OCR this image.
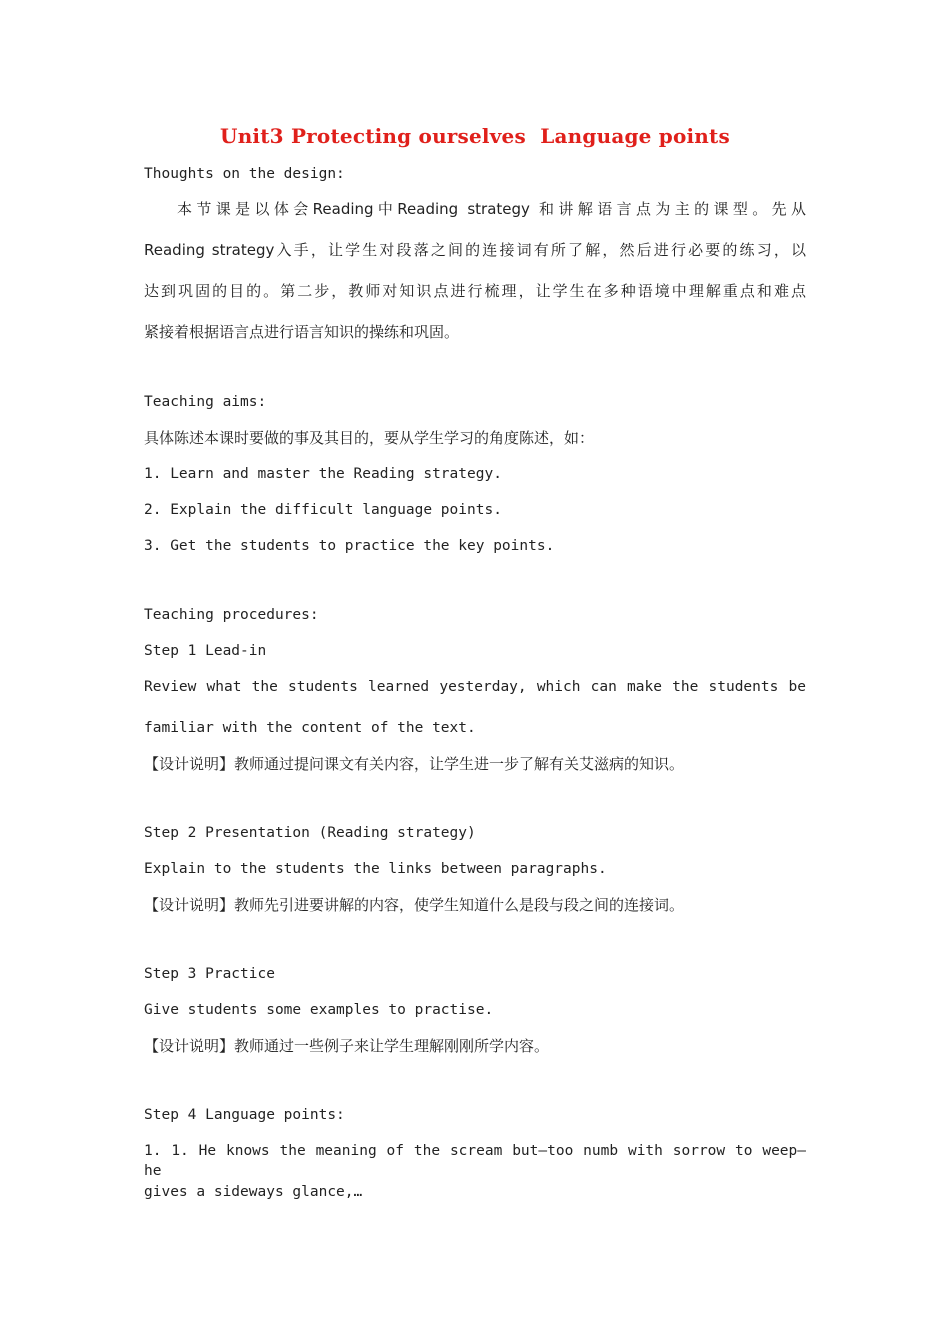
Unit3 Protecting ourselves  Language points
Thoughts on the design:
本节课是以体会Reading中Reading strategy 和讲解语言点为主的课型。先从
Reading strategy入手，让学生对段落之间的连接词有所了解，然后进行必要的练习，以
达到巩固的目的。第二步，教师对知识点进行梳理，让学生在多种语境中理解重点和难点
紧接着根据语言点进行语言知识的操练和巩固。
Teaching aims:
具体陈述本课时要做的事及其目的，要从学生学习的角度陈述，如：
1. Learn and master the Reading strategy.
2. Explain the difficult language points.
3. Get the students to practice the key points.
Teaching procedures:
Step 1 Lead-in
Review what the students learned yesterday, which can make the students be
familiar with the content of the text.
【设计说明】教师通过提问课文有关内容，让学生进一步了解有关艾滋病的知识。
Step 2 Presentation (Reading strategy)
Explain to the students the links between paragraphs.
【设计说明】教师先引进要讲解的内容，使学生知道什么是段与段之间的连接词。
Step 3 Practice
Give students some examples to practise.
【设计说明】教师通过一些例子来让学生理解刚刚所学内容。
Step 4 Language points:
1. 1. He knows the meaning of the scream but—too numb with sorrow to weep—he
gives a sideways glance,…
